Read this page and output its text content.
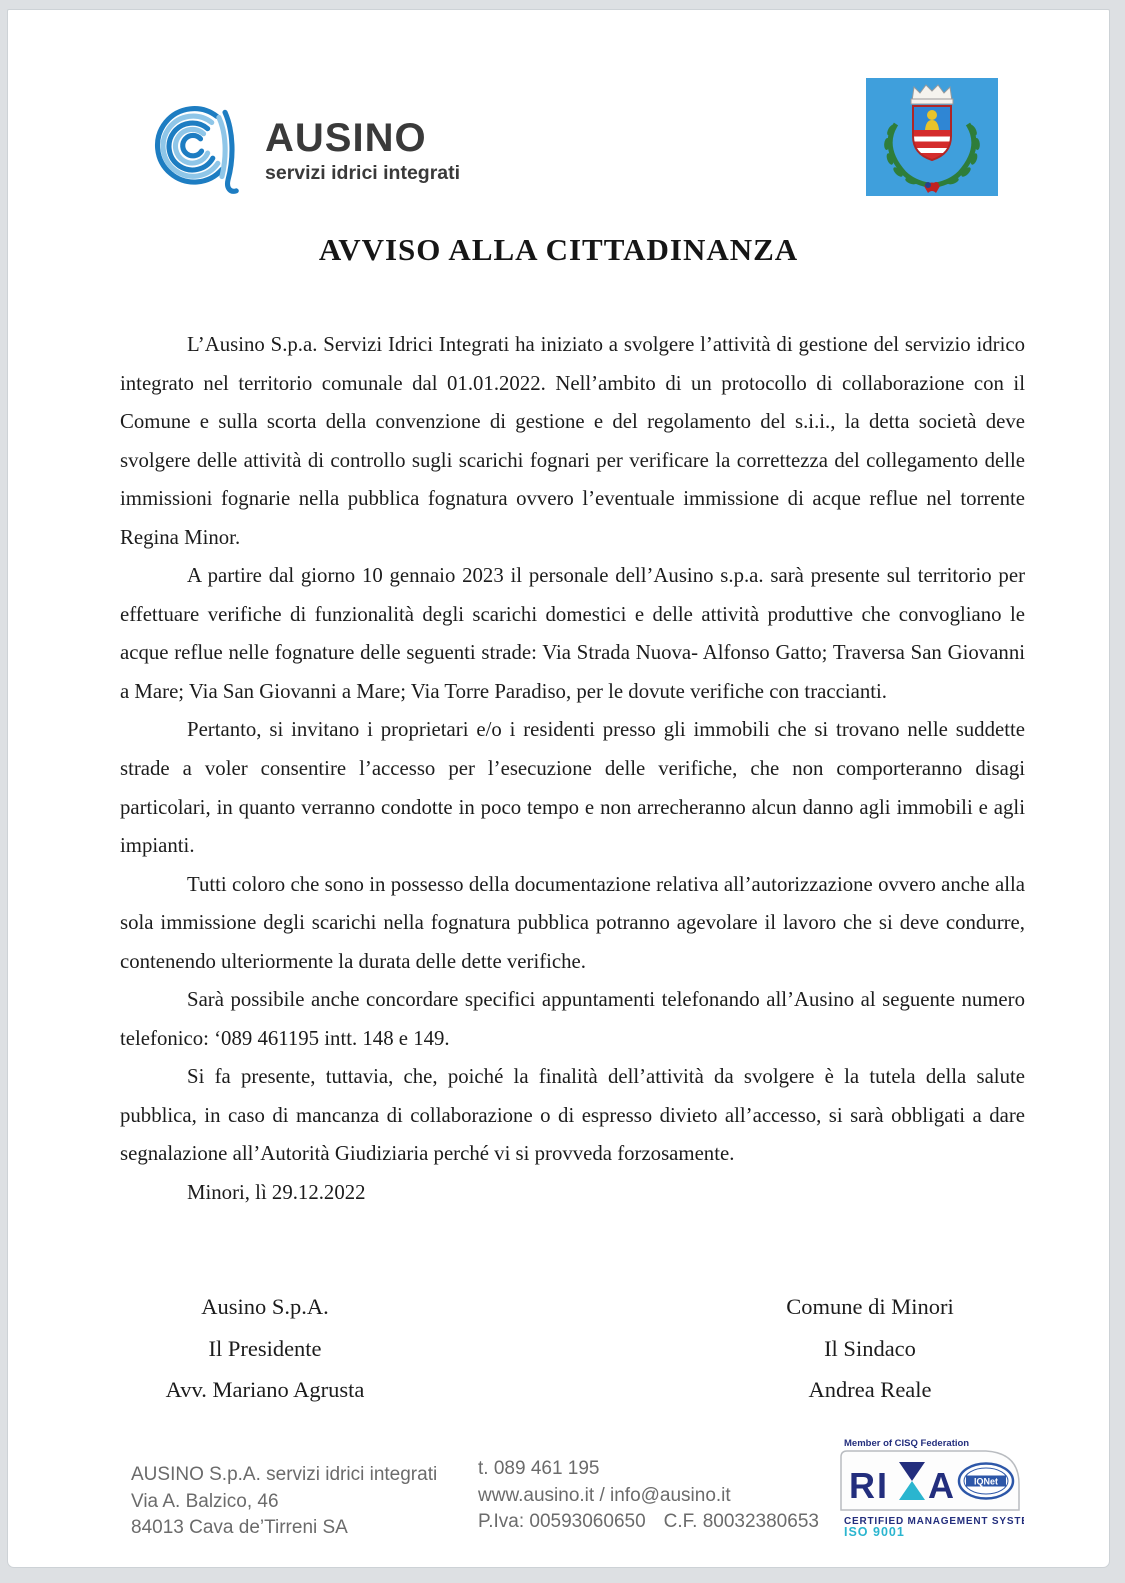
AUSINO
servizi idrici integrati
AVVISO ALLA CITTADINANZA

L’Ausino S.p.a. Servizi Idrici Integrati ha iniziato a svolgere l’attività di gestione del servizio idrico integrato nel territorio comunale dal 01.01.2022. Nell’ambito di un protocollo di collaborazione con il Comune e sulla scorta della convenzione di gestione e del regolamento del s.i.i., la detta società deve svolgere delle attività di controllo sugli scarichi fognari per verificare la correttezza del collegamento delle immissioni fognarie nella pubblica fognatura ovvero l’eventuale immissione di acque reflue nel torrente Regina Minor.

A partire dal giorno 10 gennaio 2023 il personale dell’Ausino s.p.a. sarà presente sul territorio per effettuare verifiche di funzionalità degli scarichi domestici e delle attività produttive che convogliano le acque reflue nelle fognature delle seguenti strade: Via Strada Nuova- Alfonso Gatto; Traversa San Giovanni a Mare; Via San Giovanni a Mare; Via Torre Paradiso, per le dovute verifiche con traccianti.

Pertanto, si invitano i proprietari e/o i residenti presso gli immobili che si trovano nelle suddette strade a voler consentire l’accesso per l’esecuzione delle verifiche, che non comporteranno disagi particolari, in quanto verranno condotte in poco tempo e non arrecheranno alcun danno agli immobili e agli impianti.

Tutti coloro che sono in possesso della documentazione relativa all’autorizzazione ovvero anche alla sola immissione degli scarichi nella fognatura pubblica potranno agevolare il lavoro che si deve condurre, contenendo ulteriormente la durata delle dette verifiche.

Sarà possibile anche concordare specifici appuntamenti telefonando all’Ausino al seguente numero telefonico: ‘089 461195 intt. 148 e 149.

Si fa presente, tuttavia, che, poiché la finalità dell’attività da svolgere è la tutela della salute pubblica, in caso di mancanza di collaborazione o di espresso divieto all’accesso, si sarà obbligati a dare segnalazione all’Autorità Giudiziaria perché vi si provveda forzosamente.

Minori, lì 29.12.2022

Ausino S.p.A.
Il Presidente
Avv. Mariano Agrusta
Comune di Minori
Il Sindaco
Andrea Reale
AUSINO S.p.A. servizi idrici integrati
Via A. Balzico, 46
84013 Cava de’Tirreni SA
t. 089 461 195
www.ausino.it / info@ausino.it
P.Iva: 00593060650 C.F. 80032380653
Member of CISQ Federation
RI A IQNet
CERTIFIED MANAGEMENT SYSTEM
ISO 9001
